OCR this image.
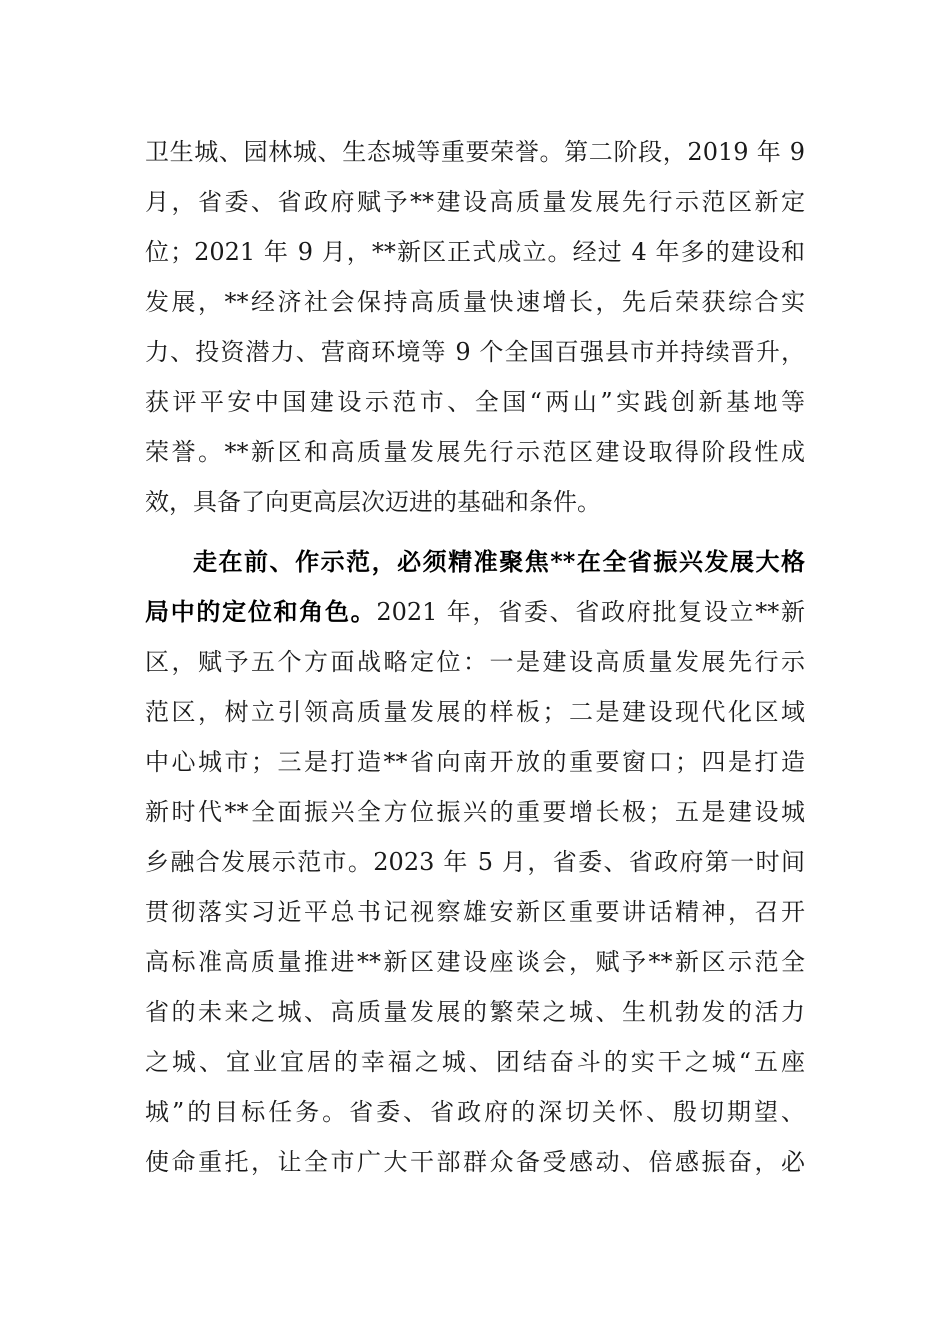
卫生城、园林城、生态城等重要荣誉。第二阶段，2019 年 9
月，省委、省政府赋予**建设高质量发展先行示范区新定
位；2021 年 9 月，**新区正式成立。经过 4 年多的建设和
发展，**经济社会保持高质量快速增长，先后荣获综合实
力、投资潜力、营商环境等 9 个全国百强县市并持续晋升，
获评平安中国建设示范市、全国“两山”实践创新基地等
荣誉。**新区和高质量发展先行示范区建设取得阶段性成
效，具备了向更高层次迈进的基础和条件。
走在前、作示范，必须精准聚焦**在全省振兴发展大格
局中的定位和角色。2021 年，省委、省政府批复设立**新
区，赋予五个方面战略定位：一是建设高质量发展先行示
范区，树立引领高质量发展的样板；二是建设现代化区域
中心城市；三是打造**省向南开放的重要窗口；四是打造
新时代**全面振兴全方位振兴的重要增长极；五是建设城
乡融合发展示范市。2023 年 5 月，省委、省政府第一时间
贯彻落实习近平总书记视察雄安新区重要讲话精神，召开
高标准高质量推进**新区建设座谈会，赋予**新区示范全
省的未来之城、高质量发展的繁荣之城、生机勃发的活力
之城、宜业宜居的幸福之城、团结奋斗的实干之城“五座
城”的目标任务。省委、省政府的深切关怀、殷切期望、
使命重托，让全市广大干部群众备受感动、倍感振奋，必
